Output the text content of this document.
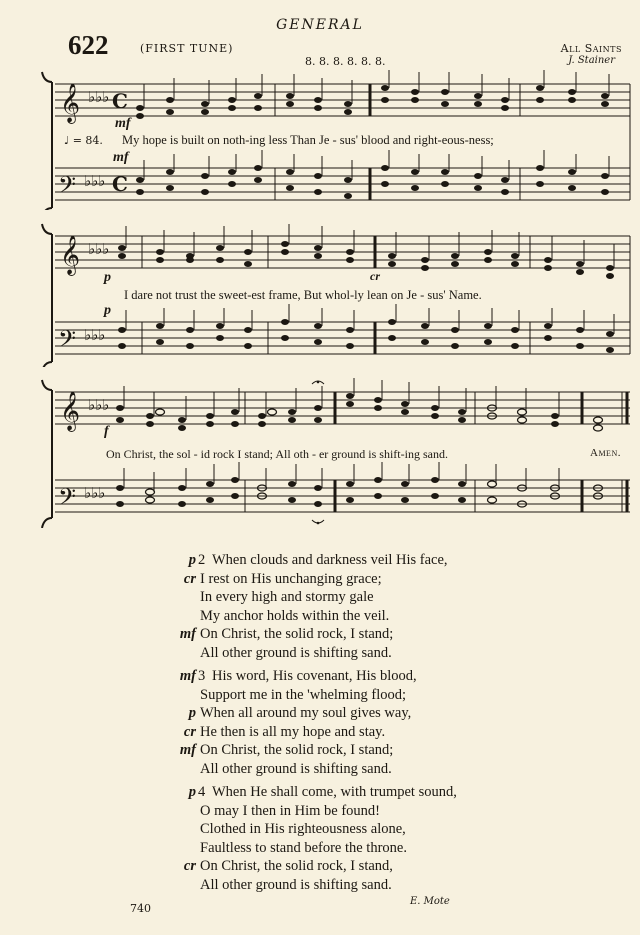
GENERAL
622	(FIRST TUNE)
8. 8. 8. 8. 8. 8.
All Saints
J. Stainer
𝄞
𝄢
♭♭♭
♭♭♭
C
C
mf
♩ = 84. My hope is built on noth-ing less Than Je - sus' blood and right-eous-ness;
mf
𝄞
𝄢
♭♭♭
♭♭♭
p	cr
I dare not trust the sweet-est frame, But whol-ly lean on Je - sus' Name.
p
𝄞
𝄢
♭♭♭
♭♭♭
f
On Christ, the sol - id rock I stand; All oth - er ground is shift-ing sand.	Amen.
p 2 When clouds and darkness veil His face,
cr I rest on His unchanging grace;
In every high and stormy gale
My anchor holds within the veil.
mf On Christ, the solid rock, I stand;
All other ground is shifting sand.
mf 3 His word, His covenant, His blood,
Support me in the 'whelming flood;
p When all around my soul gives way,
cr He then is all my hope and stay.
mf On Christ, the solid rock, I stand;
All other ground is shifting sand.
p 4 When He shall come, with trumpet sound,
O may I then in Him be found!
Clothed in His righteousness alone,
Faultless to stand before the throne.
cr On Christ, the solid rock, I stand,
All other ground is shifting sand.
E. Mote
740
